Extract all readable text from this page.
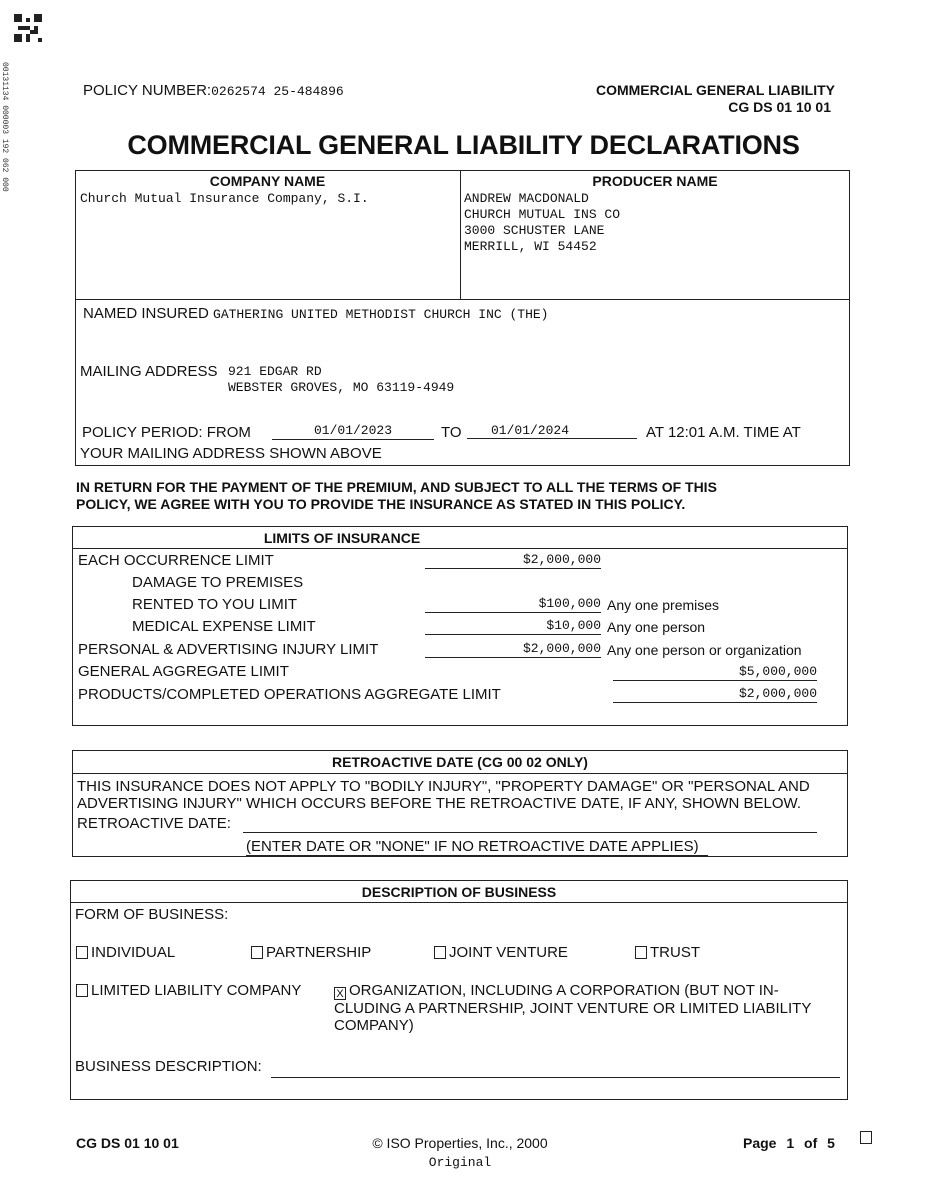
00131134 000003 192 062 000	POLICY NUMBER:0262574 25-484896	COMMERCIAL GENERAL LIABILITY
CG DS 01 10 01
COMMERCIAL GENERAL LIABILITY DECLARATIONS
COMPANY NAME
Church Mutual Insurance Company, S.I.
PRODUCER NAME
ANDREW MACDONALD
CHURCH MUTUAL INS CO
3000 SCHUSTER LANE
MERRILL, WI 54452
NAMED INSURED GATHERING UNITED METHODIST CHURCH INC (THE)
MAILING ADDRESS 921 EDGAR RD
WEBSTER GROVES, MO 63119-4949
POLICY PERIOD: FROM	01/01/2023	TO	01/01/2024	AT 12:01 A.M. TIME AT
YOUR MAILING ADDRESS SHOWN ABOVE
IN RETURN FOR THE PAYMENT OF THE PREMIUM, AND SUBJECT TO ALL THE TERMS OF THIS
POLICY, WE AGREE WITH YOU TO PROVIDE THE INSURANCE AS STATED IN THIS POLICY.
LIMITS OF INSURANCE
EACH OCCURRENCE LIMIT	$2,000,000
DAMAGE TO PREMISES
RENTED TO YOU LIMIT	$100,000 Any one premises
MEDICAL EXPENSE LIMIT	$10,000 Any one person
PERSONAL & ADVERTISING INJURY LIMIT	$2,000,000 Any one person or organization
GENERAL AGGREGATE LIMIT	$5,000,000
PRODUCTS/COMPLETED OPERATIONS AGGREGATE LIMIT	$2,000,000
RETROACTIVE DATE (CG 00 02 ONLY)
THIS INSURANCE DOES NOT APPLY TO "BODILY INJURY", "PROPERTY DAMAGE" OR "PERSONAL AND
ADVERTISING INJURY" WHICH OCCURS BEFORE THE RETROACTIVE DATE, IF ANY, SHOWN BELOW.
RETROACTIVE DATE:
(ENTER DATE OR "NONE" IF NO RETROACTIVE DATE APPLIES)
DESCRIPTION OF BUSINESS
FORM OF BUSINESS:
INDIVIDUAL	PARTNERSHIP	JOINT VENTURE	TRUST
LIMITED LIABILITY COMPANY	X ORGANIZATION, INCLUDING A CORPORATION (BUT NOT IN-
CLUDING A PARTNERSHIP, JOINT VENTURE OR LIMITED LIABILITY
COMPANY)
BUSINESS DESCRIPTION:
CG DS 01 10 01	© ISO Properties, Inc., 2000
Original
Page 1 of 5
